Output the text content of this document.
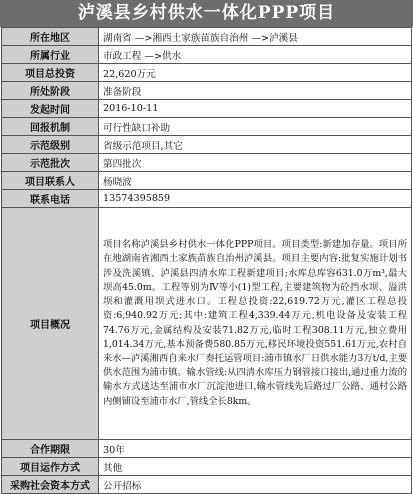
泸溪县乡村供水一体化PPP项目
所在地区	湖南省 —>湘西土家族苗族自治州 —>泸溪县
所属行业	市政工程 —>供水
项目总投资	22,620万元
所处阶段	准备阶段
发起时间	2016-10-11
回报机制	可行性缺口补助
示范级别	省级示范项目,其它
示范批次	第四批次
项目联系人	杨晓波
联系电话	13574395859
项目概况	项目名称泸溪县乡村供水一体化PPP项目。项目类型:新建加存量。项目所在地湖南省湘西土家族苗族自治州泸溪县。项目主要内容:批复实施计划书涉及洗溪镇、泸溪县四清水库工程新建项目;水库总库容631.0万m³,最大坝高45.0m。工程等别为Ⅳ等小(1)型工程,主要建筑物为砼挡水坝、溢洪坝和灌溉用坝式进水口。工程总投资:22,619.72万元,灌区工程总投资:6,940.92万元;其中:建筑工程4,339.44万元,机电设备及安装工程74.76万元,金属结构及安装71.82万元,临时工程308.11万元,独立费用1,014.34万元,基本预备费580.85万元,移民环境投资551.61万元,农村自来水—泸溪湘西自来水厂奏托运管项目:浦市镇水厂日供水能力3万t/d,主要供水范围为浦市镇。输水管线:从四清水库压力钢管接口接出,通过重力流的输水方式送达至浦市水厂沉淀池进口,输水管线先后路过厂公路、通村公路内侧铺设至浦市水厂,管线全长8km。
合作期限	30年
项目运作方式	其他
采购社会资本方式	公开招标
